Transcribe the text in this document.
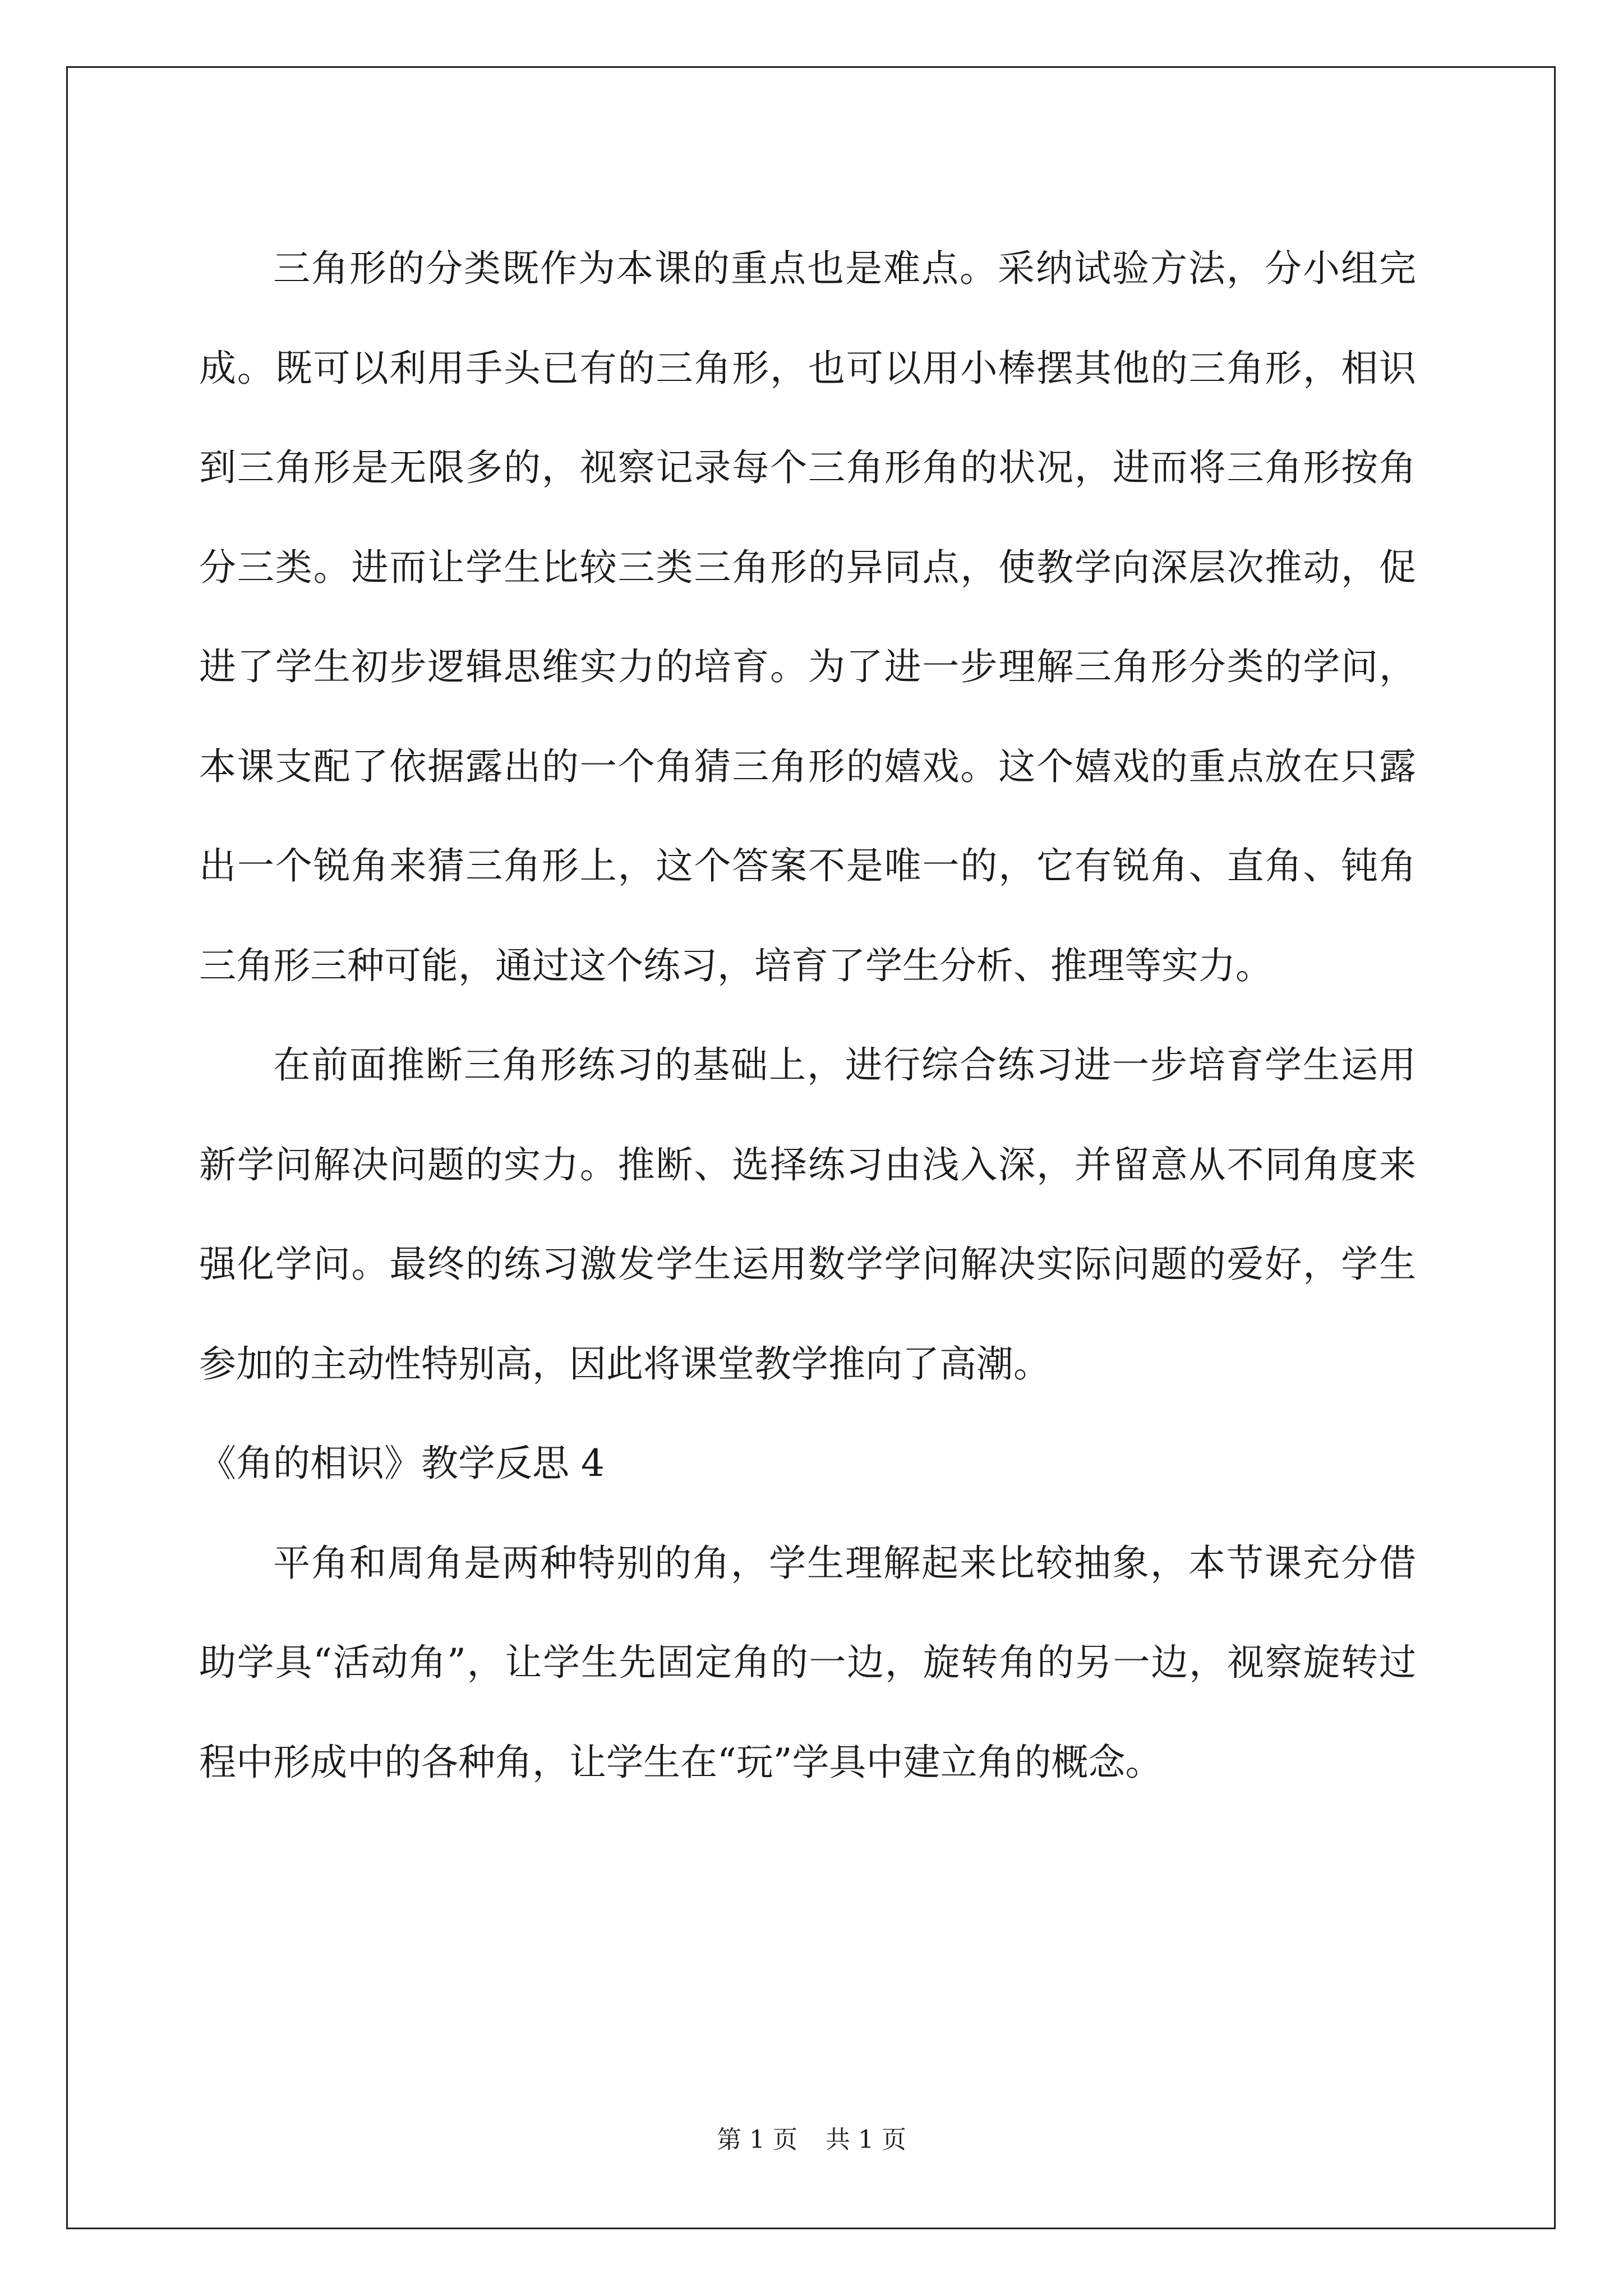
三角形的分类既作为本课的重点也是难点。采纳试验方法，分小组完成。既可以利用手头已有的三角形，也可以用小棒摆其他的三角形，相识到三角形是无限多的，视察记录每个三角形角的状况，进而将三角形按角分三类。进而让学生比较三类三角形的异同点，使教学向深层次推动，促进了学生初步逻辑思维实力的培育。为了进一步理解三角形分类的学问，本课支配了依据露出的一个角猜三角形的嬉戏。这个嬉戏的重点放在只露出一个锐角来猜三角形上，这个答案不是唯一的，它有锐角、直角、钝角三角形三种可能，通过这个练习，培育了学生分析、推理等实力。

在前面推断三角形练习的基础上，进行综合练习进一步培育学生运用新学问解决问题的实力。推断、选择练习由浅入深，并留意从不同角度来强化学问。最终的练习激发学生运用数学学问解决实际问题的爱好，学生参加的主动性特别高，因此将课堂教学推向了高潮。

《角的相识》教学反思 4

平角和周角是两种特别的角，学生理解起来比较抽象，本节课充分借助学具“活动角”，让学生先固定角的一边，旋转角的另一边，视察旋转过程中形成中的各种角，让学生在“玩”学具中建立角的概念。

第 1 页 共 1 页
